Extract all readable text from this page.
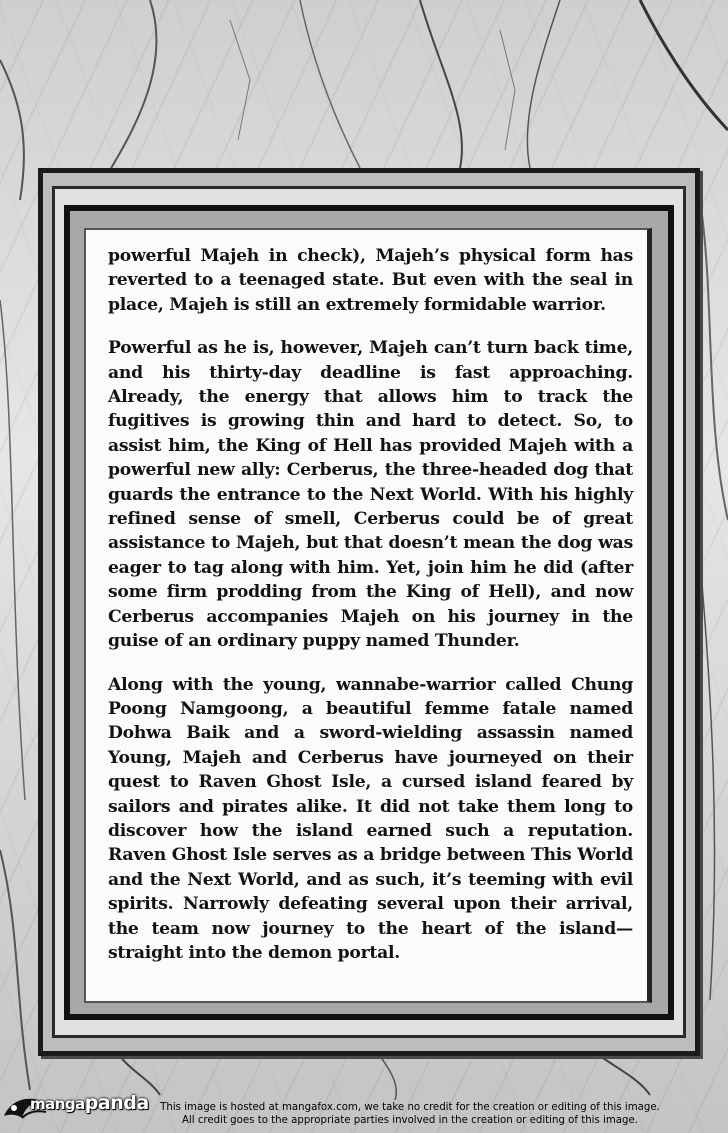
powerful Majeh in check), Majeh’s physical form has reverted to a teenaged state. But even with the seal in place, Majeh is still an extremely formidable warrior.

Powerful as he is, however, Majeh can’t turn back time, and his thirty-day deadline is fast approaching. Already, the energy that allows him to track the fugitives is growing thin and hard to detect. So, to assist him, the King of Hell has provided Majeh with a powerful new ally: Cerberus, the three-headed dog that guards the entrance to the Next World. With his highly refined sense of smell, Cerberus could be of great assistance to Majeh, but that doesn’t mean the dog was eager to tag along with him. Yet, join him he did (after some firm prodding from the King of Hell), and now Cerberus accompanies Majeh on his journey in the guise of an ordinary puppy named Thunder.

Along with the young, wannabe-warrior called Chung Poong Namgoong, a beautiful femme fatale named Dohwa Baik and a sword-wielding assassin named Young, Majeh and Cerberus have journeyed on their quest to Raven Ghost Isle, a cursed island feared by sailors and pirates alike. It did not take them long to discover how the island earned such a reputation. Raven Ghost Isle serves as a bridge between This World and the Next World, and as such, it’s teeming with evil spirits. Narrowly defeating several upon their arrival, the team now journey to the heart of the island—straight into the demon portal.

mangapanda	This image is hosted at mangafox.com, we take no credit for the creation or editing of this image.
All credit goes to the appropriate parties involved in the creation or editing of this image.
